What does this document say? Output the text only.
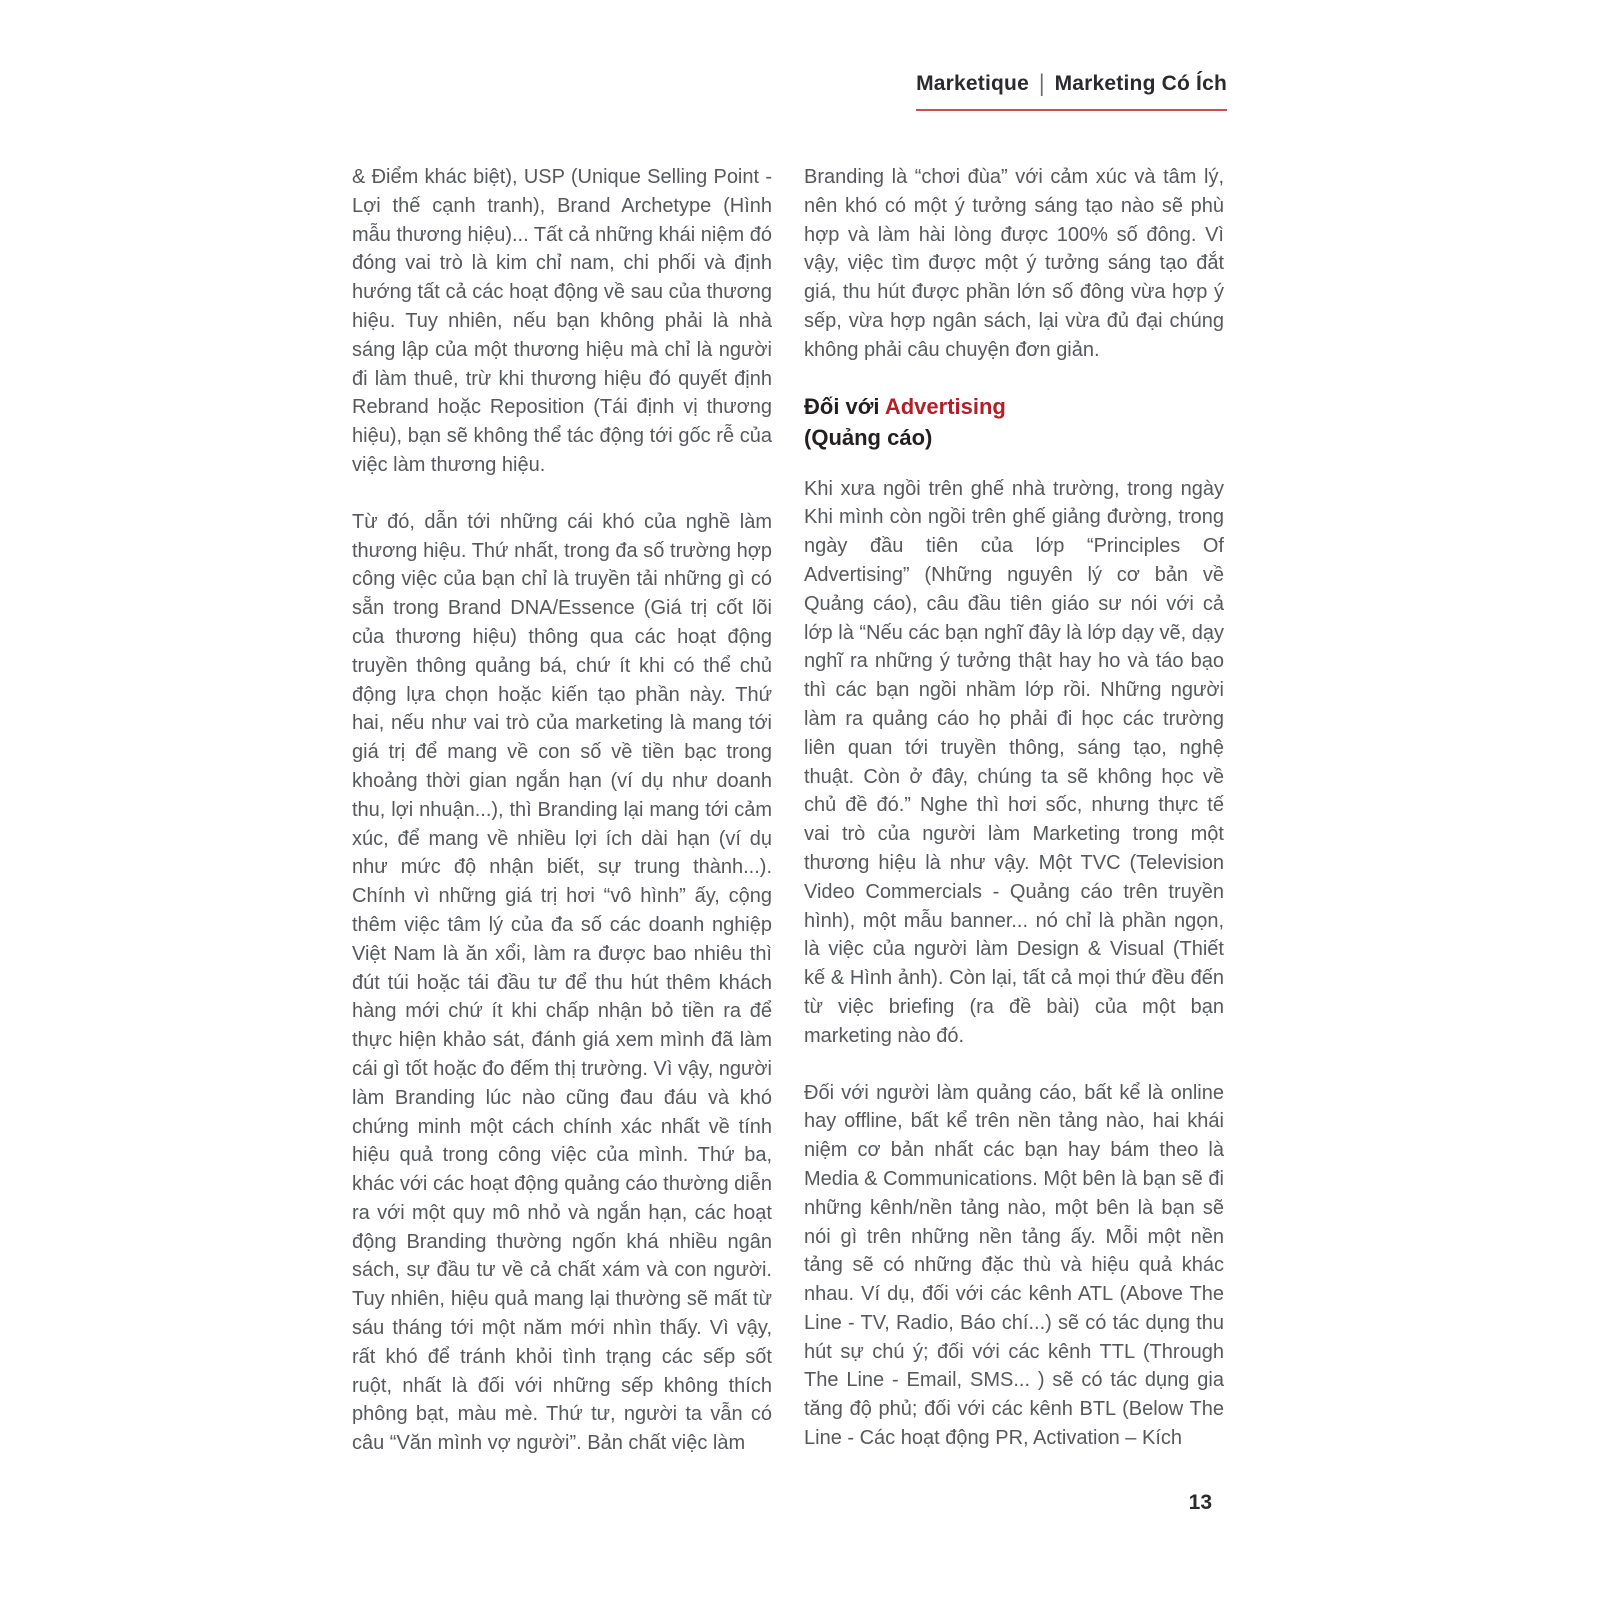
Marketique | Marketing Có Ích

& Điểm khác biệt), USP (Unique Selling Point - Lợi thế cạnh tranh), Brand Archetype (Hình mẫu thương hiệu)... Tất cả những khái niệm đó đóng vai trò là kim chỉ nam, chi phối và định hướng tất cả các hoạt động về sau của thương hiệu. Tuy nhiên, nếu bạn không phải là nhà sáng lập của một thương hiệu mà chỉ là người đi làm thuê, trừ khi thương hiệu đó quyết định Rebrand hoặc Reposition (Tái định vị thương hiệu), bạn sẽ không thể tác động tới gốc rễ của việc làm thương hiệu.

Từ đó, dẫn tới những cái khó của nghề làm thương hiệu. Thứ nhất, trong đa số trường hợp công việc của bạn chỉ là truyền tải những gì có sẵn trong Brand DNA/Essence (Giá trị cốt lõi của thương hiệu) thông qua các hoạt động truyền thông quảng bá, chứ ít khi có thể chủ động lựa chọn hoặc kiến tạo phần này. Thứ hai, nếu như vai trò của marketing là mang tới giá trị để mang về con số về tiền bạc trong khoảng thời gian ngắn hạn (ví dụ như doanh thu, lợi nhuận...), thì Branding lại mang tới cảm xúc, để mang về nhiều lợi ích dài hạn (ví dụ như mức độ nhận biết, sự trung thành...). Chính vì những giá trị hơi “vô hình” ấy, cộng thêm việc tâm lý của đa số các doanh nghiệp Việt Nam là ăn xổi, làm ra được bao nhiêu thì đút túi hoặc tái đầu tư để thu hút thêm khách hàng mới chứ ít khi chấp nhận bỏ tiền ra để thực hiện khảo sát, đánh giá xem mình đã làm cái gì tốt hoặc đo đếm thị trường. Vì vậy, người làm Branding lúc nào cũng đau đáu và khó chứng minh một cách chính xác nhất về tính hiệu quả trong công việc của mình. Thứ ba, khác với các hoạt động quảng cáo thường diễn ra với một quy mô nhỏ và ngắn hạn, các hoạt động Branding thường ngốn khá nhiều ngân sách, sự đầu tư về cả chất xám và con người. Tuy nhiên, hiệu quả mang lại thường sẽ mất từ sáu tháng tới một năm mới nhìn thấy. Vì vậy, rất khó để tránh khỏi tình trạng các sếp sốt ruột, nhất là đối với những sếp không thích phông bạt, màu mè. Thứ tư, người ta vẫn có câu “Văn mình vợ người”. Bản chất việc làm

Branding là “chơi đùa” với cảm xúc và tâm lý, nên khó có một ý tưởng sáng tạo nào sẽ phù hợp và làm hài lòng được 100% số đông. Vì vậy, việc tìm được một ý tưởng sáng tạo đắt giá, thu hút được phần lớn số đông vừa hợp ý sếp, vừa hợp ngân sách, lại vừa đủ đại chúng không phải câu chuyện đơn giản.

Đối với Advertising
(Quảng cáo)

Khi xưa ngồi trên ghế nhà trường, trong ngày Khi mình còn ngồi trên ghế giảng đường, trong ngày đầu tiên của lớp “Principles Of Advertising” (Những nguyên lý cơ bản về Quảng cáo), câu đầu tiên giáo sư nói với cả lớp là “Nếu các bạn nghĩ đây là lớp dạy vẽ, dạy nghĩ ra những ý tưởng thật hay ho và táo bạo thì các bạn ngồi nhầm lớp rồi. Những người làm ra quảng cáo họ phải đi học các trường liên quan tới truyền thông, sáng tạo, nghệ thuật. Còn ở đây, chúng ta sẽ không học về chủ đề đó.” Nghe thì hơi sốc, nhưng thực tế vai trò của người làm Marketing trong một thương hiệu là như vậy. Một TVC (Television Video Commercials - Quảng cáo trên truyền hình), một mẫu banner... nó chỉ là phần ngọn, là việc của người làm Design & Visual (Thiết kế & Hình ảnh). Còn lại, tất cả mọi thứ đều đến từ việc briefing (ra đề bài) của một bạn marketing nào đó.

Đối với người làm quảng cáo, bất kể là online hay offline, bất kể trên nền tảng nào, hai khái niệm cơ bản nhất các bạn hay bám theo là Media & Communications. Một bên là bạn sẽ đi những kênh/nền tảng nào, một bên là bạn sẽ nói gì trên những nền tảng ấy. Mỗi một nền tảng sẽ có những đặc thù và hiệu quả khác nhau. Ví dụ, đối với các kênh ATL (Above The Line - TV, Radio, Báo chí...) sẽ có tác dụng thu hút sự chú ý; đối với các kênh TTL (Through The Line - Email, SMS... ) sẽ có tác dụng gia tăng độ phủ; đối với các kênh BTL (Below The Line - Các hoạt động PR, Activation – Kích

13
